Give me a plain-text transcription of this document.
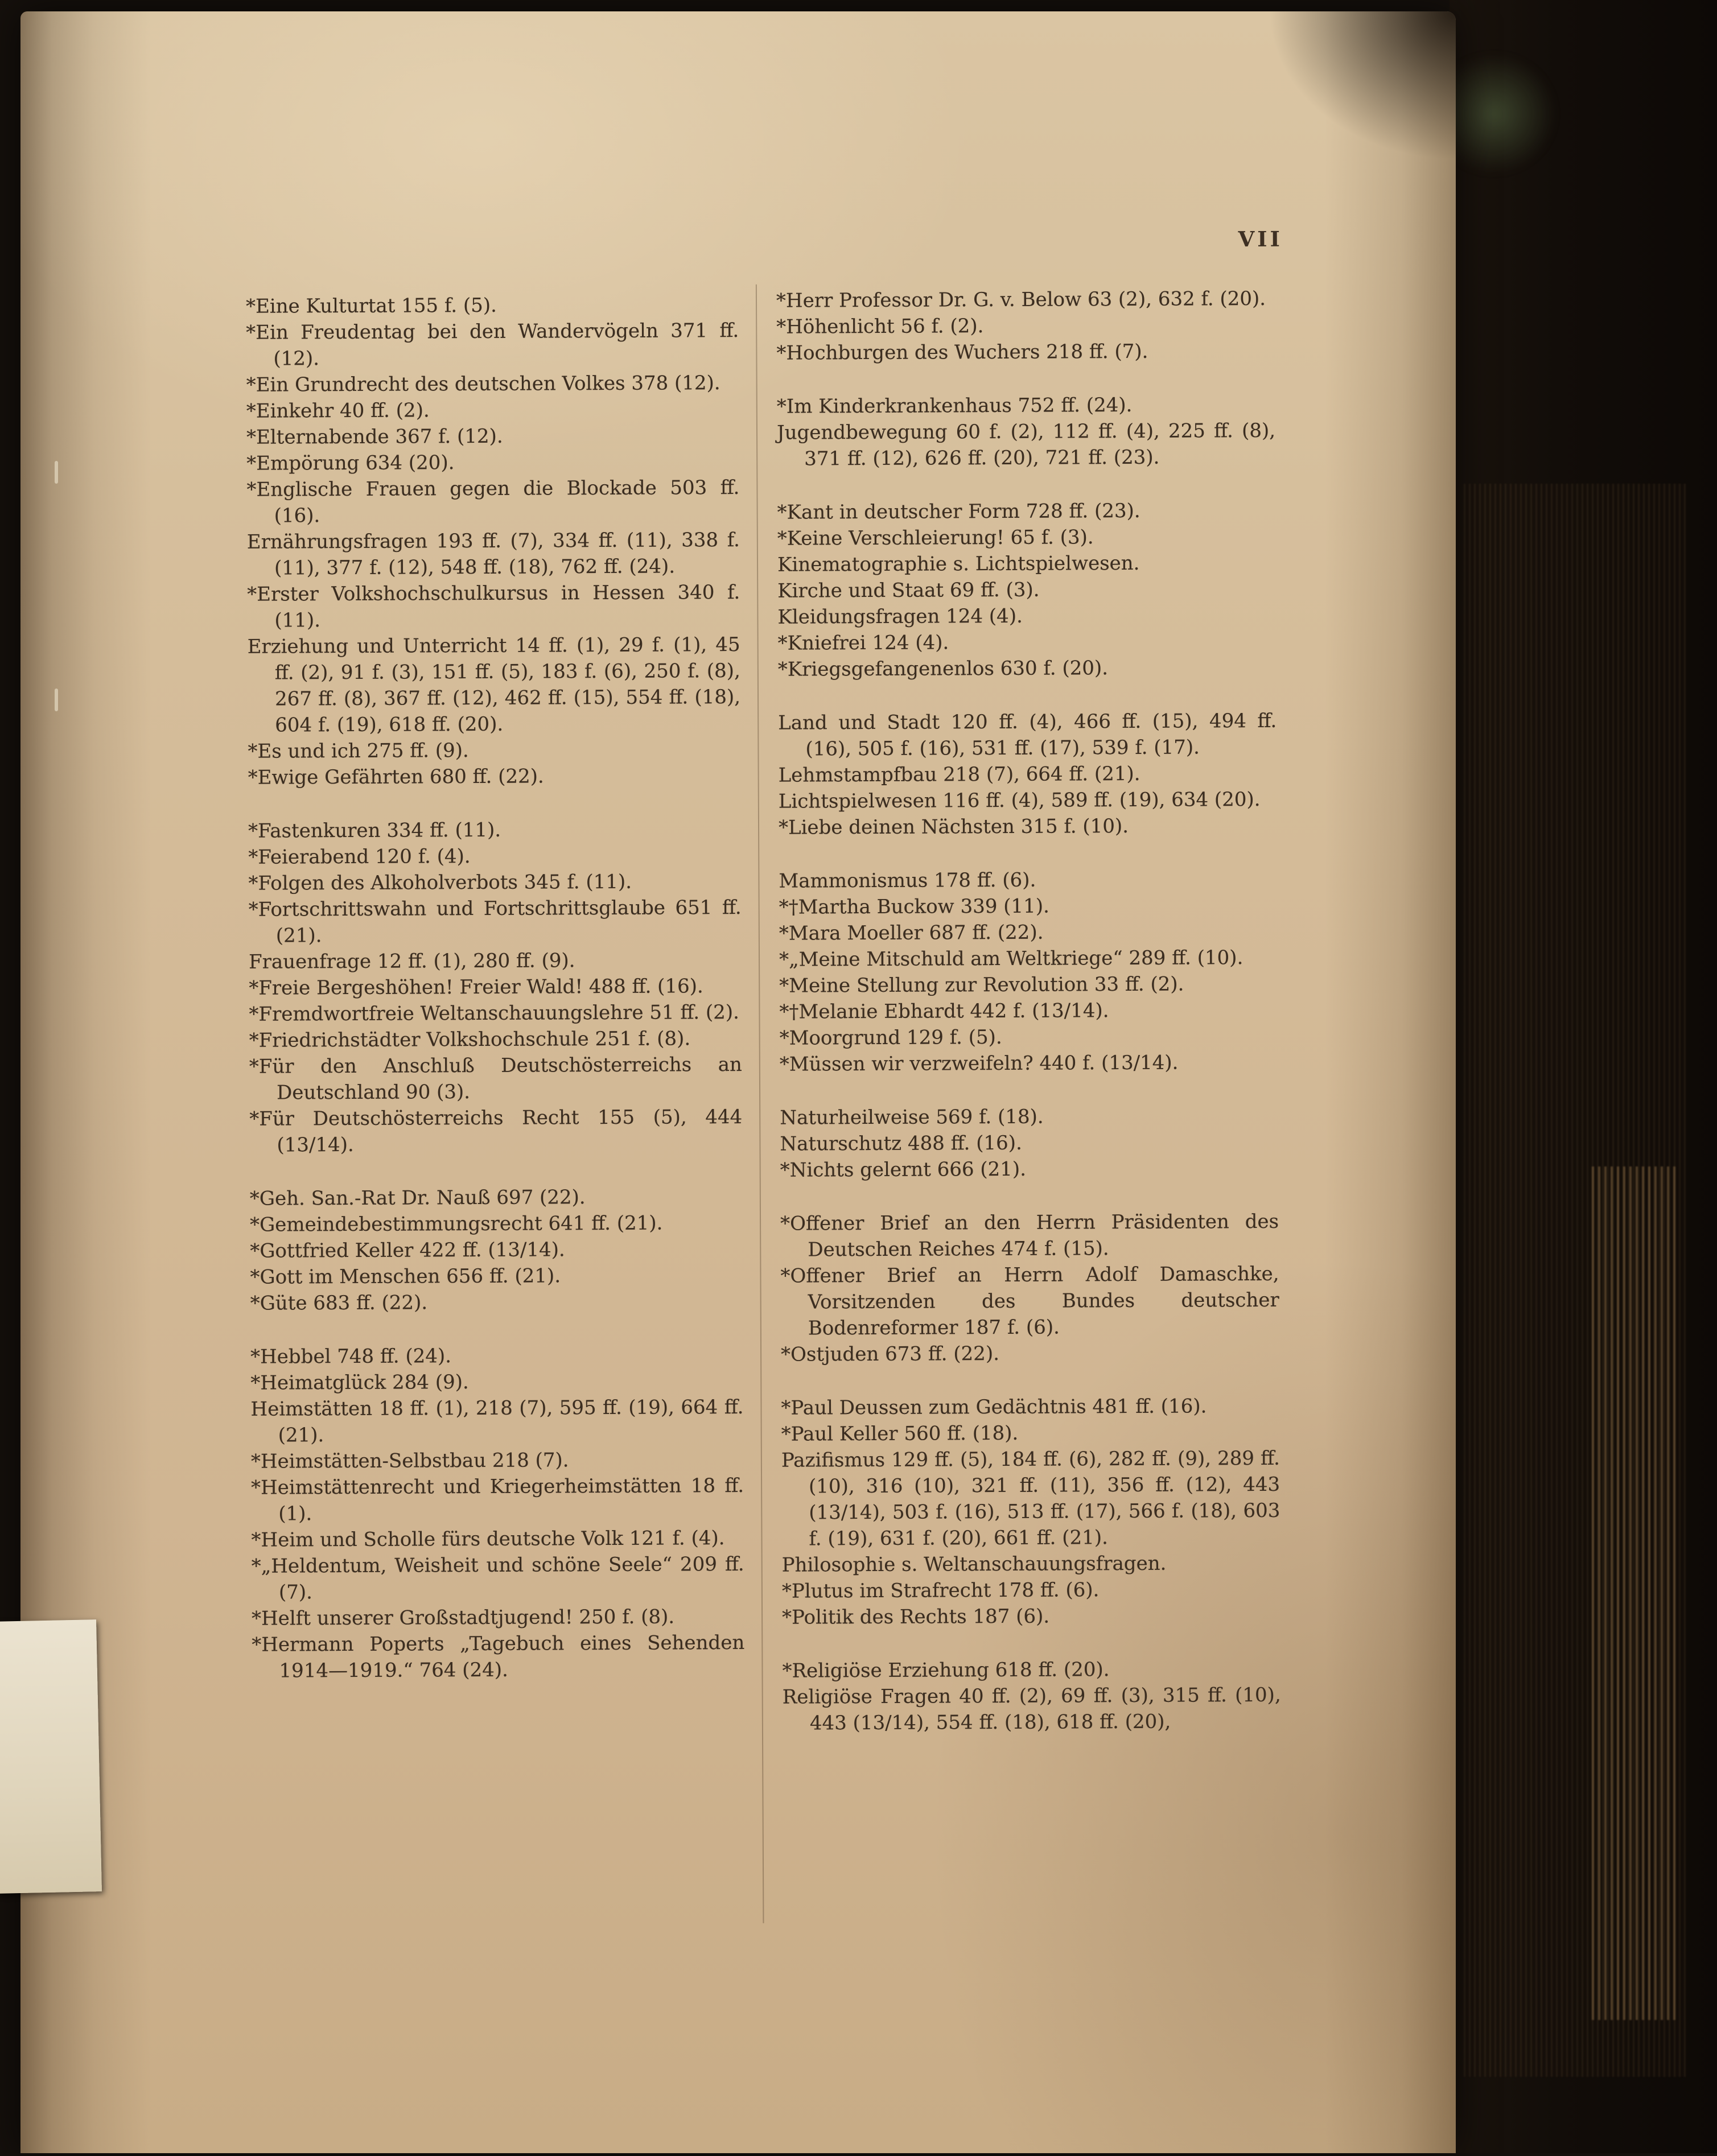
VII

*Eine Kulturtat 155 f. (5).

*Ein Freudentag bei den Wandervögeln 371 ff. (12).

*Ein Grundrecht des deutschen Volkes 378 (12).

*Einkehr 40 ff. (2).

*Elternabende 367 f. (12).

*Empörung 634 (20).

*Englische Frauen gegen die Blockade 503 ff. (16).

Ernährungsfragen 193 ff. (7), 334 ff. (11), 338 f. (11), 377 f. (12), 548 ff. (18), 762 ff. (24).

*Erster Volkshochschulkursus in Hessen 340 f. (11).

Erziehung und Unterricht 14 ff. (1), 29 f. (1), 45 ff. (2), 91 f. (3), 151 ff. (5), 183 f. (6), 250 f. (8), 267 ff. (8), 367 ff. (12), 462 ff. (15), 554 ff. (18), 604 f. (19), 618 ff. (20).

*Es und ich 275 ff. (9).

*Ewige Gefährten 680 ff. (22).

*Fastenkuren 334 ff. (11).

*Feierabend 120 f. (4).

*Folgen des Alkoholverbots 345 f. (11).

*Fortschrittswahn und Fortschrittsglaube 651 ff. (21).

Frauenfrage 12 ff. (1), 280 ff. (9).

*Freie Bergeshöhen! Freier Wald! 488 ff. (16).

*Fremdwortfreie Weltanschauungslehre 51 ff. (2).

*Friedrichstädter Volkshochschule 251 f. (8).

*Für den Anschluß Deutschösterreichs an Deutschland 90 (3).

*Für Deutschösterreichs Recht 155 (5), 444 (13/14).

*Geh. San.-Rat Dr. Nauß 697 (22).

*Gemeindebestimmungsrecht 641 ff. (21).

*Gottfried Keller 422 ff. (13/14).

*Gott im Menschen 656 ff. (21).

*Güte 683 ff. (22).

*Hebbel 748 ff. (24).

*Heimatglück 284 (9).

Heimstätten 18 ff. (1), 218 (7), 595 ff. (19), 664 ff. (21).

*Heimstätten-Selbstbau 218 (7).

*Heimstättenrecht und Kriegerheimstätten 18 ff. (1).

*Heim und Scholle fürs deutsche Volk 121 f. (4).

*„Heldentum, Weisheit und schöne Seele“ 209 ff. (7).

*Helft unserer Großstadtjugend! 250 f. (8).

*Hermann Poperts „Tagebuch eines Sehenden 1914—1919.“ 764 (24).

*Herr Professor Dr. G. v. Below 63 (2), 632 f. (20).

*Höhenlicht 56 f. (2).

*Hochburgen des Wuchers 218 ff. (7).

*Im Kinderkrankenhaus 752 ff. (24).

Jugendbewegung 60 f. (2), 112 ff. (4), 225 ff. (8), 371 ff. (12), 626 ff. (20), 721 ff. (23).

*Kant in deutscher Form 728 ff. (23).

*Keine Verschleierung! 65 f. (3).

Kinematographie s. Lichtspielwesen.

Kirche und Staat 69 ff. (3).

Kleidungsfragen 124 (4).

*Kniefrei 124 (4).

*Kriegsgefangenenlos 630 f. (20).

Land und Stadt 120 ff. (4), 466 ff. (15), 494 ff. (16), 505 f. (16), 531 ff. (17), 539 f. (17).

Lehmstampfbau 218 (7), 664 ff. (21).

Lichtspielwesen 116 ff. (4), 589 ff. (19), 634 (20).

*Liebe deinen Nächsten 315 f. (10).

Mammonismus 178 ff. (6).

*†Martha Buckow 339 (11).

*Mara Moeller 687 ff. (22).

*„Meine Mitschuld am Weltkriege“ 289 ff. (10).

*Meine Stellung zur Revolution 33 ff. (2).

*†Melanie Ebhardt 442 f. (13/14).

*Moorgrund 129 f. (5).

*Müssen wir verzweifeln? 440 f. (13/14).

Naturheilweise 569 f. (18).

Naturschutz 488 ff. (16).

*Nichts gelernt 666 (21).

*Offener Brief an den Herrn Präsidenten des Deutschen Reiches 474 f. (15).

*Offener Brief an Herrn Adolf Damaschke, Vorsitzenden des Bundes deutscher Bodenreformer 187 f. (6).

*Ostjuden 673 ff. (22).

*Paul Deussen zum Gedächtnis 481 ff. (16).

*Paul Keller 560 ff. (18).

Pazifismus 129 ff. (5), 184 ff. (6), 282 ff. (9), 289 ff. (10), 316 (10), 321 ff. (11), 356 ff. (12), 443 (13/14), 503 f. (16), 513 ff. (17), 566 f. (18), 603 f. (19), 631 f. (20), 661 ff. (21).

Philosophie s. Weltanschauungsfragen.

*Plutus im Strafrecht 178 ff. (6).

*Politik des Rechts 187 (6).

*Religiöse Erziehung 618 ff. (20).

Religiöse Fragen 40 ff. (2), 69 ff. (3), 315 ff. (10), 443 (13/14), 554 ff. (18), 618 ff. (20),
